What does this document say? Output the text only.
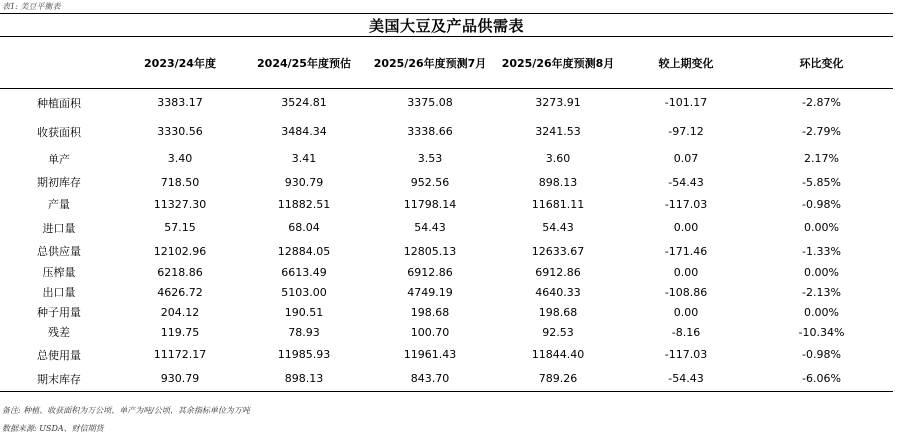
表1: 美豆平衡表
美国大豆及产品供需表
	2023/24年度	2024/25年度预估	2025/26年度预测7月	2025/26年度预测8月	较上期变化	环比变化
种植面积	3383.17	3524.81	3375.08	3273.91	-101.17	-2.87%
收获面积	3330.56	3484.34	3338.66	3241.53	-97.12	-2.79%
单产	3.40	3.41	3.53	3.60	0.07	2.17%
期初库存	718.50	930.79	952.56	898.13	-54.43	-5.85%
产量	11327.30	11882.51	11798.14	11681.11	-117.03	-0.98%
进口量	57.15	68.04	54.43	54.43	0.00	0.00%
总供应量	12102.96	12884.05	12805.13	12633.67	-171.46	-1.33%
压榨量	6218.86	6613.49	6912.86	6912.86	0.00	0.00%
出口量	4626.72	5103.00	4749.19	4640.33	-108.86	-2.13%
种子用量	204.12	190.51	198.68	198.68	0.00	0.00%
残差	119.75	78.93	100.70	92.53	-8.16	-10.34%
总使用量	11172.17	11985.93	11961.43	11844.40	-117.03	-0.98%
期末库存	930.79	898.13	843.70	789.26	-54.43	-6.06%
备注: 种植、收获面积为万公顷、单产为吨/公顷、其余指标单位为万吨
数据来源: USDA、财信期货
